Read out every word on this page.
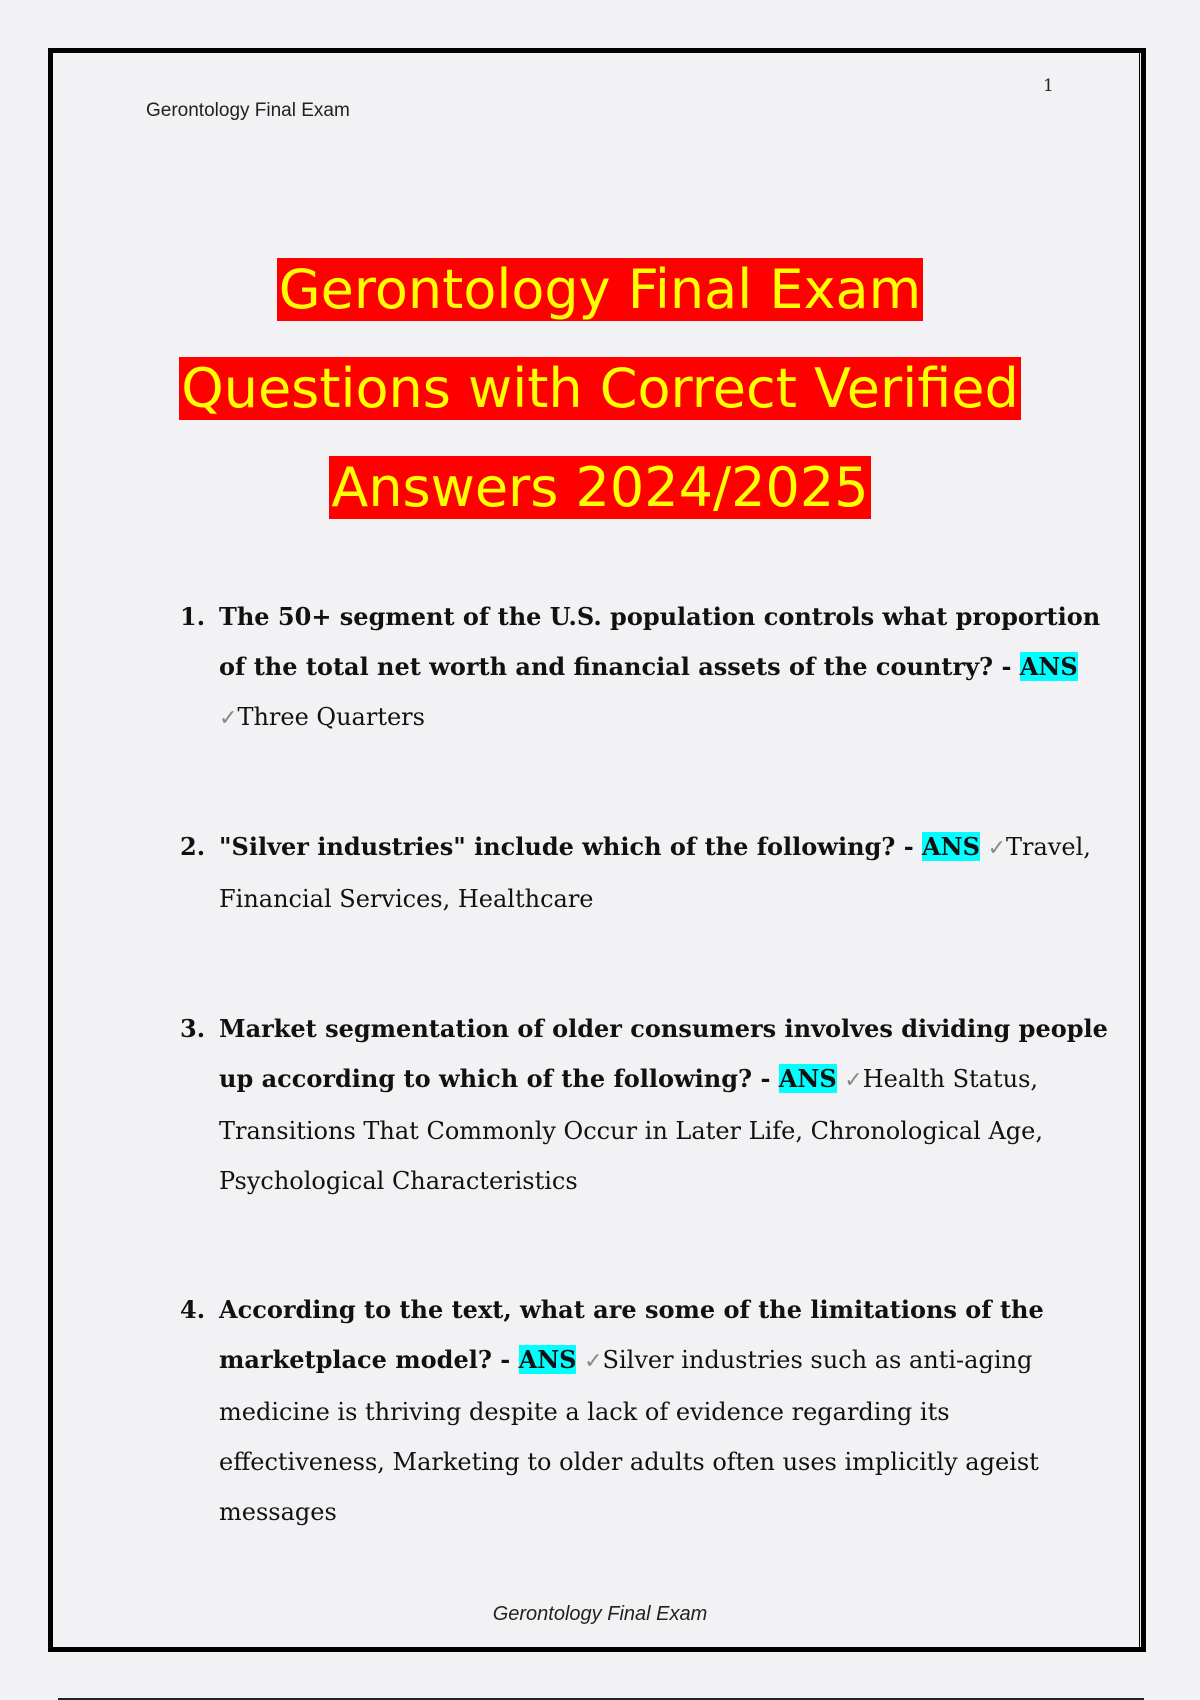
Gerontology Final Exam
1
Gerontology Final Exam
Questions with Correct Verified
Answers 2024/2025
1. The 50+ segment of the U.S. population controls what proportion of the total net worth and financial assets of the country? - ANS ✓Three Quarters
2. "Silver industries" include which of the following? - ANS ✓Travel, Financial Services, Healthcare
3. Market segmentation of older consumers involves dividing people up according to which of the following? - ANS ✓Health Status, Transitions That Commonly Occur in Later Life, Chronological Age, Psychological Characteristics
4. According to the text, what are some of the limitations of the marketplace model? - ANS ✓Silver industries such as anti-aging medicine is thriving despite a lack of evidence regarding its effectiveness, Marketing to older adults often uses implicitly ageist messages
Gerontology Final Exam
